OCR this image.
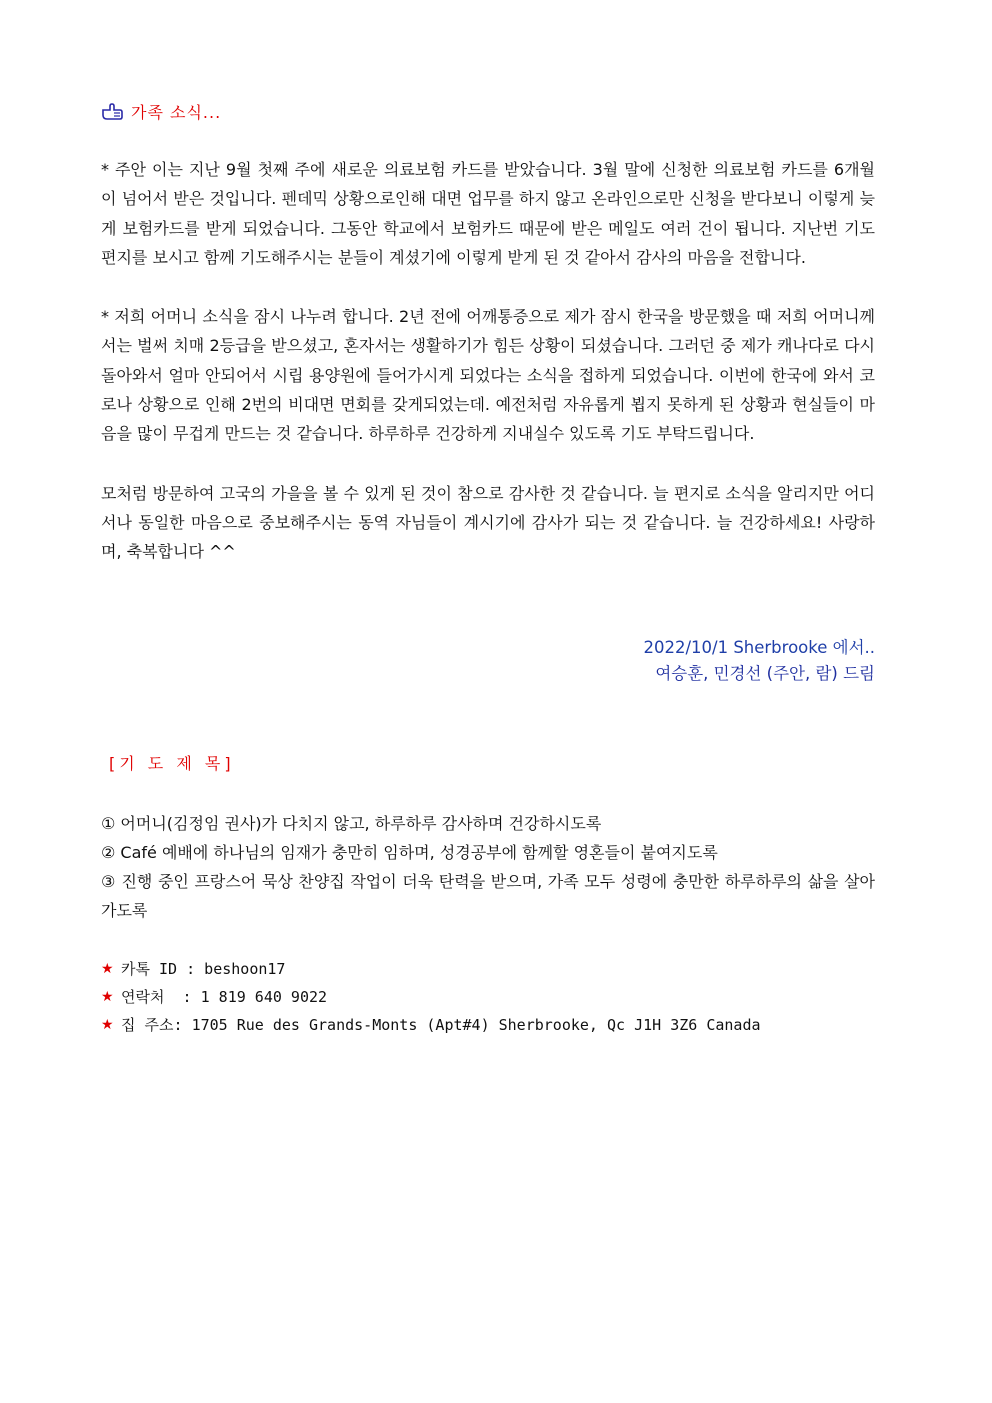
가족 소식...

* 주안 이는 지난 9월 첫째 주에 새로운 의료보험 카드를 받았습니다. 3월 말에 신청한 의료보험 카드를 6개월이 넘어서 받은 것입니다. 펜데믹 상황으로인해 대면 업무를 하지 않고 온라인으로만 신청을 받다보니 이렇게 늦게 보험카드를 받게 되었습니다. 그동안 학교에서 보험카드 때문에 받은 메일도 여러 건이 됩니다. 지난번 기도편지를 보시고 함께 기도해주시는 분들이 계셨기에 이렇게 받게 된 것 같아서 감사의 마음을 전합니다.

* 저희 어머니 소식을 잠시 나누려 합니다. 2년 전에 어깨통증으로 제가 잠시 한국을 방문했을 때 저희 어머니께서는 벌써 치매 2등급을 받으셨고, 혼자서는 생활하기가 힘든 상황이 되셨습니다. 그러던 중 제가 캐나다로 다시 돌아와서 얼마 안되어서 시립 용양원에 들어가시게 되었다는 소식을 접하게 되었습니다. 이번에 한국에 와서 코로나 상황으로 인해 2번의 비대면 면회를 갖게되었는데. 예전처럼 자유롭게 뵙지 못하게 된 상황과 현실들이 마음을 많이 무겁게 만드는 것 같습니다. 하루하루 건강하게 지내실수 있도록 기도 부탁드립니다.

모처럼 방문하여 고국의 가을을 볼 수 있게 된 것이 참으로 감사한 것 같습니다. 늘 편지로 소식을 알리지만 어디서나 동일한 마음으로 중보해주시는 동역 자님들이 계시기에 감사가 되는 것 같습니다. 늘 건강하세요! 사랑하며, 축복합니다 ^^

2022/10/1 Sherbrooke 에서..
여승훈, 민경선 (주안, 람) 드림
[기 도 제 목]
① 어머니(김정임 권사)가 다치지 않고, 하루하루 감사하며 건강하시도록
② Café 예배에 하나님의 임재가 충만히 임하며, 성경공부에 함께할 영혼들이 붙여지도록
③ 진행 중인 프랑스어 묵상 찬양집 작업이 더욱 탄력을 받으며, 가족 모두 성령에 충만한 하루하루의 삶을 살아가도록
★ 카톡 ID : beshoon17
★ 연락처 : 1 819 640 9022
★ 집 주소:
1705 Rue des Grands-Monts (Apt#4) Sherbrooke, Qc J1H 3Z6 Canada
